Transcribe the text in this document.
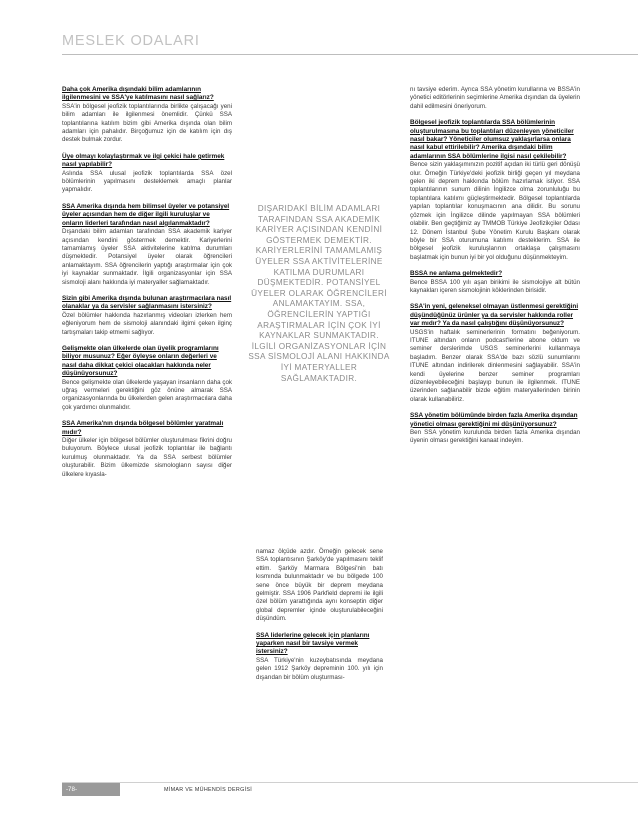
MESLEK ODALARI

Daha çok Amerika dışındaki bilim adamlarının ilgilenmesini ve SSA'ye katılmasını nasıl sağlarız?

SSA'in bölgesel jeofizik toplantılarında birlikte çalışacağı yeni bilim adamları ile ilgilenmesi önemlidir. Çünkü SSA toplantılarına katılım bizim gibi Amerika dışında olan bilim adamları için pahalıdır. Birçoğumuz için de katılım için dış destek bulmak zordur.

Üye olmayı kolaylaştırmak ve ilgi çekici hale getirmek nasıl yapılabilir?

Aslında SSA ulusal jeofizik toplantılarda SSA özel bölümlerinin yapılmasını desteklemek amaçlı planlar yapmalıdır.

SSA Amerika dışında hem bilimsel üyeler ve potansiyel üyeler açısından hem de diğer ilgili kuruluşlar ve onların liderleri tarafından nasıl algılanmaktadır?

Dışarıdaki bilim adamları tarafından SSA akademik kariyer açısından kendini göstermek demektir. Kariyerlerini tamamlamış üyeler SSA aktivitelerine katılma durumları düşmektedir. Potansiyel üyeler olarak öğrencileri anlamaktayım. SSA öğrencilerin yaptığı araştırmalar için çok iyi kaynaklar sunmaktadır. İlgili organizasyonlar için SSA sismoloji alanı hakkında iyi materyaller sağlamaktadır.

Sizin gibi Amerika dışında bulunan araştırmacılara nasıl olanaklar ya da servisler sağlanmasını istersiniz?

Özel bölümler hakkında hazırlanmış videoları izlerken hem eğleniyorum hem de sismoloji alanındaki ilgimi çeken ilginç tartışmaları takip etmemi sağlıyor.

Gelişmekte olan ülkelerde olan üyelik programlarını biliyor musunuz? Eğer öyleyse onların değerleri ve nasıl daha dikkat çekici olacakları hakkında neler düşünüyorsunuz?

Bence gelişmekte olan ülkelerde yaşayan insanların daha çok uğraş vermeleri gerektiğini göz önüne almarak SSA organizasyonlarında bu ülkelerden gelen araştırmacılara daha çok yardımcı olunmalıdır.

SSA Amerika'nın dışında bölgesel bölümler yaratmalı mıdır?

Diğer ülkeler için bölgesel bölümler oluşturulması fikrini doğru buluyorum. Böylece ulusal jeofizik toplantılar ile bağlantı kurulmuş olunmaktadır. Ya da SSA serbest bölümler oluşturabilir. Bizim ülkemizde sismologların sayısı diğer ülkelere kıyasla-

DIŞARIDAKİ BİLİM ADAMLARI TARAFINDAN SSA AKADEMİK KARİYER AÇISINDAN KENDİNİ GÖSTERMEK DEMEKTİR. KARİYERLERİNİ TAMAMLAMIŞ ÜYELER SSA AKTİVİTELERİNE KATILMA DURUMLARI DÜŞMEKTEDİR. POTANSİYEL ÜYELER OLARAK ÖĞRENCİLERİ ANLAMAKTAYIM. SSA, ÖĞRENCİLERİN YAPTIĞI ARAŞTIRMALAR İÇİN ÇOK İYİ KAYNAKLAR SUNMAKTADIR. İLGİLİ ORGANİZASYONLAR İÇİN SSA SİSMOLOJİ ALANI HAKKINDA İYİ MATERYALLER SAĞLAMAKTADIR.

namaz ölçüde azdır. Örneğin gelecek sene SSA toplantısının Şarköy'de yapılmasını teklif ettim. Şarköy Marmara Bölgesi'nin batı kısmında bulunmaktadır ve bu bölgede 100 sene önce büyük bir deprem meydana gelmiştir. SSA 1906 Parkfield depremi ile ilgili özel bölüm yarattığında aynı konseptin diğer global depremler içinde oluşturulabileceğini düşündüm.

SSA liderlerine gelecek için planlarını yaparken nasıl bir tavsiye vermek istersiniz?

SSA Türkiye'nin kuzeybatısında meydana gelen 1912 Şarköy depreminin 100. yılı için dışarıdan bir bölüm oluşturması-

nı tavsiye ederim. Ayrıca SSA yönetim kurullarına ve BSSA'in yönetici editörlerinin seçimlerine Amerika dışından da üyelerin dahil edilmesini öneriyorum.

Bölgesel jeofizik toplantılarda SSA bölümlerinin oluşturulmasına bu toplantıları düzenleyen yöneticiler nasıl bakar? Yöneticiler olumsuz yaklaşırlarsa onlara nasıl kabul ettirilebilir? Amerika dışındaki bilim adamlarının SSA bölümlerine ilgisi nasıl çekilebilir?

Bence sizin yaklaşımınızın pozitif açıdan iki türlü geri dönüşü olur. Örneğin Türkiye'deki jeofizik birliği geçen yıl meydana gelen iki deprem hakkında bölüm hazırlamak istiyor. SSA toplantılarının sunum dilinin İngilizce olma zorunluluğu bu toplantılara katılımı güçleştirmektedir. Bölgesel toplantılarda yapılan toplantılar konuşmacının ana dilidir. Bu sorunu çözmek için İngilizce dilinde yapılmayan SSA bölümleri olabilir. Ben geçtiğimiz ay TMMOB Türkiye Jeofizikçiler Odası 12. Dönem İstanbul Şube Yönetim Kurulu Başkanı olarak böyle bir SSA oturumuna katılımı desteklerim. SSA ile bölgesel jeofizik kuruluşlarının ortaklaşa çalışmasını başlatmak için bunun iyi bir yol olduğunu düşünmekteyim.

BSSA ne anlama gelmektedir?

Bence BSSA 100 yılı aşan birikimi ile sismolojiye alt bütün kaynakları içeren sismolojinin köklerinden birisidir.

SSA'in yeni, geleneksel olmayan üstlenmesi gerektiğini düşündüğünüz ürünler ya da servisler hakkında roller var mıdır? Ya da nasıl çalıştığını düşünüyorsunuz?

USGS'in haftalık seminerlerinin formatını beğeniyorum. ITUNE altından onların podcast'lerine abone oldum ve seminer derslerimde USGS seminerlerini kullanmaya başladım. Benzer olarak SSA'de bazı sözlü sunumlarını ITUNE altından indirilerek dinlenmesini sağlayabilir. SSA'in kendi üyelerine benzer seminer programları düzenleyebileceğini başlayıp bunun ile ilgilenmek. ITUNE üzerinden sağlanabilir bizde eğitim materyallerinden birinin olarak kullanabiliriz.

SSA yönetim bölümünde birden fazla Amerika dışından yönetici olması gerektiğini mi düşünüyorsunuz?

Ben SSA yönetim kurulunda birden fazla Amerika dışından üyenin olması gerektiğini kanaat indeyim.

-78-	MİMAR VE MÜHENDİS DERGİSİ
